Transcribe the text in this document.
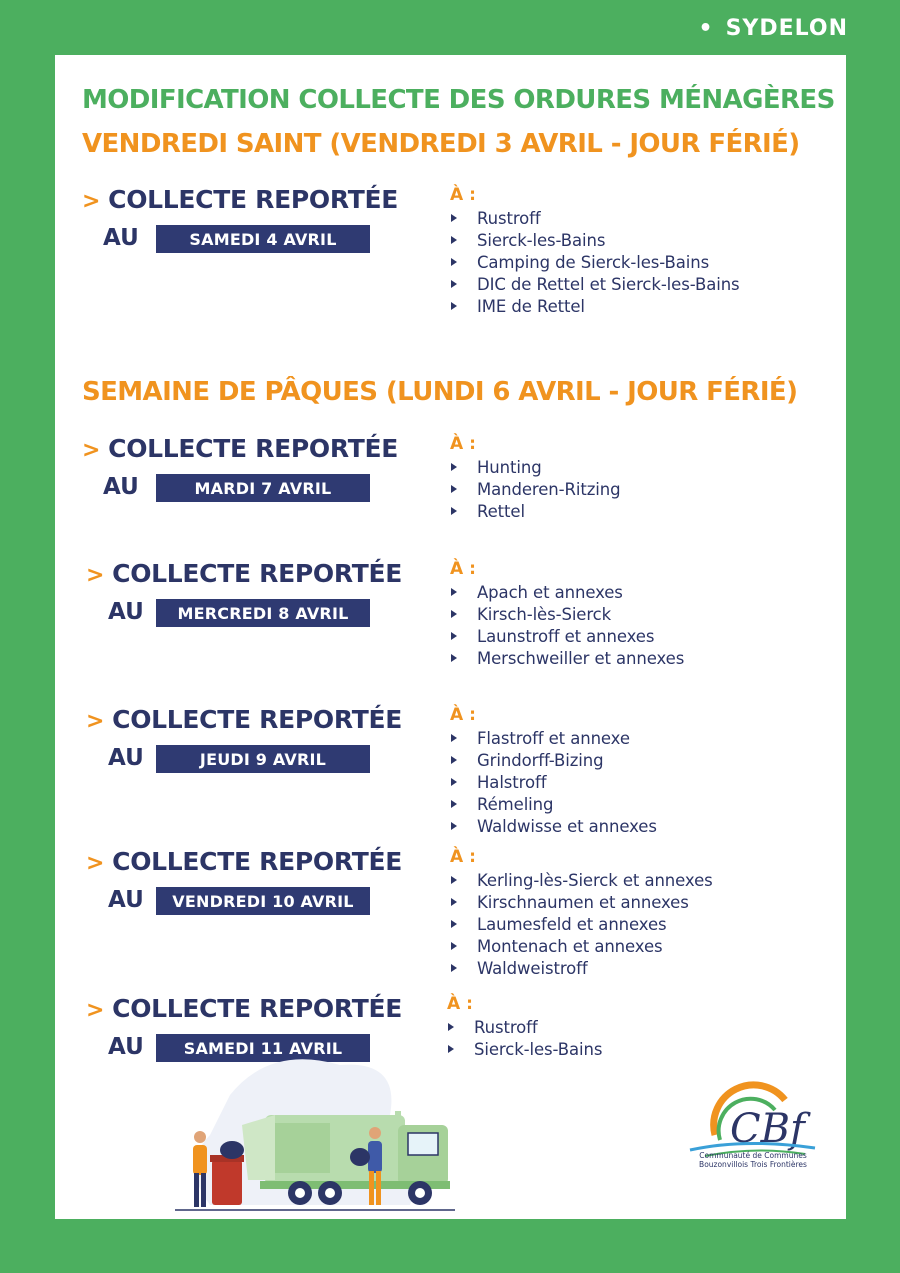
• SYDELON
MODIFICATION COLLECTE DES ORDURES MÉNAGÈRES
VENDREDI SAINT (VENDREDI 3 AVRIL - JOUR FÉRIÉ)
> COLLECTE REPORTÉE
AU	SAMEDI 4 AVRIL
À :
Rustroff
Sierck-les-Bains
Camping de Sierck-les-Bains
DIC de Rettel et Sierck-les-Bains
IME de Rettel
SEMAINE DE PÂQUES (LUNDI 6 AVRIL - JOUR FÉRIÉ)
> COLLECTE REPORTÉE
AU	MARDI 7 AVRIL
À :
Hunting
Manderen-Ritzing
Rettel
> COLLECTE REPORTÉE
AU	MERCREDI 8 AVRIL
À :
Apach et annexes
Kirsch-lès-Sierck
Launstroff et annexes
Merschweiller et annexes
> COLLECTE REPORTÉE
AU	JEUDI 9 AVRIL
À :
Flastroff et annexe
Grindorff-Bizing
Halstroff
Rémeling
Waldwisse et annexes
> COLLECTE REPORTÉE
AU	VENDREDI 10 AVRIL
À :
Kerling-lès-Sierck et annexes
Kirschnaumen et annexes
Laumesfeld et annexes
Montenach et annexes
Waldweistroff
> COLLECTE REPORTÉE
AU	SAMEDI 11 AVRIL
À :
Rustroff
Sierck-les-Bains
CBf
Communauté de Communes
Bouzonvillois Trois Frontières
